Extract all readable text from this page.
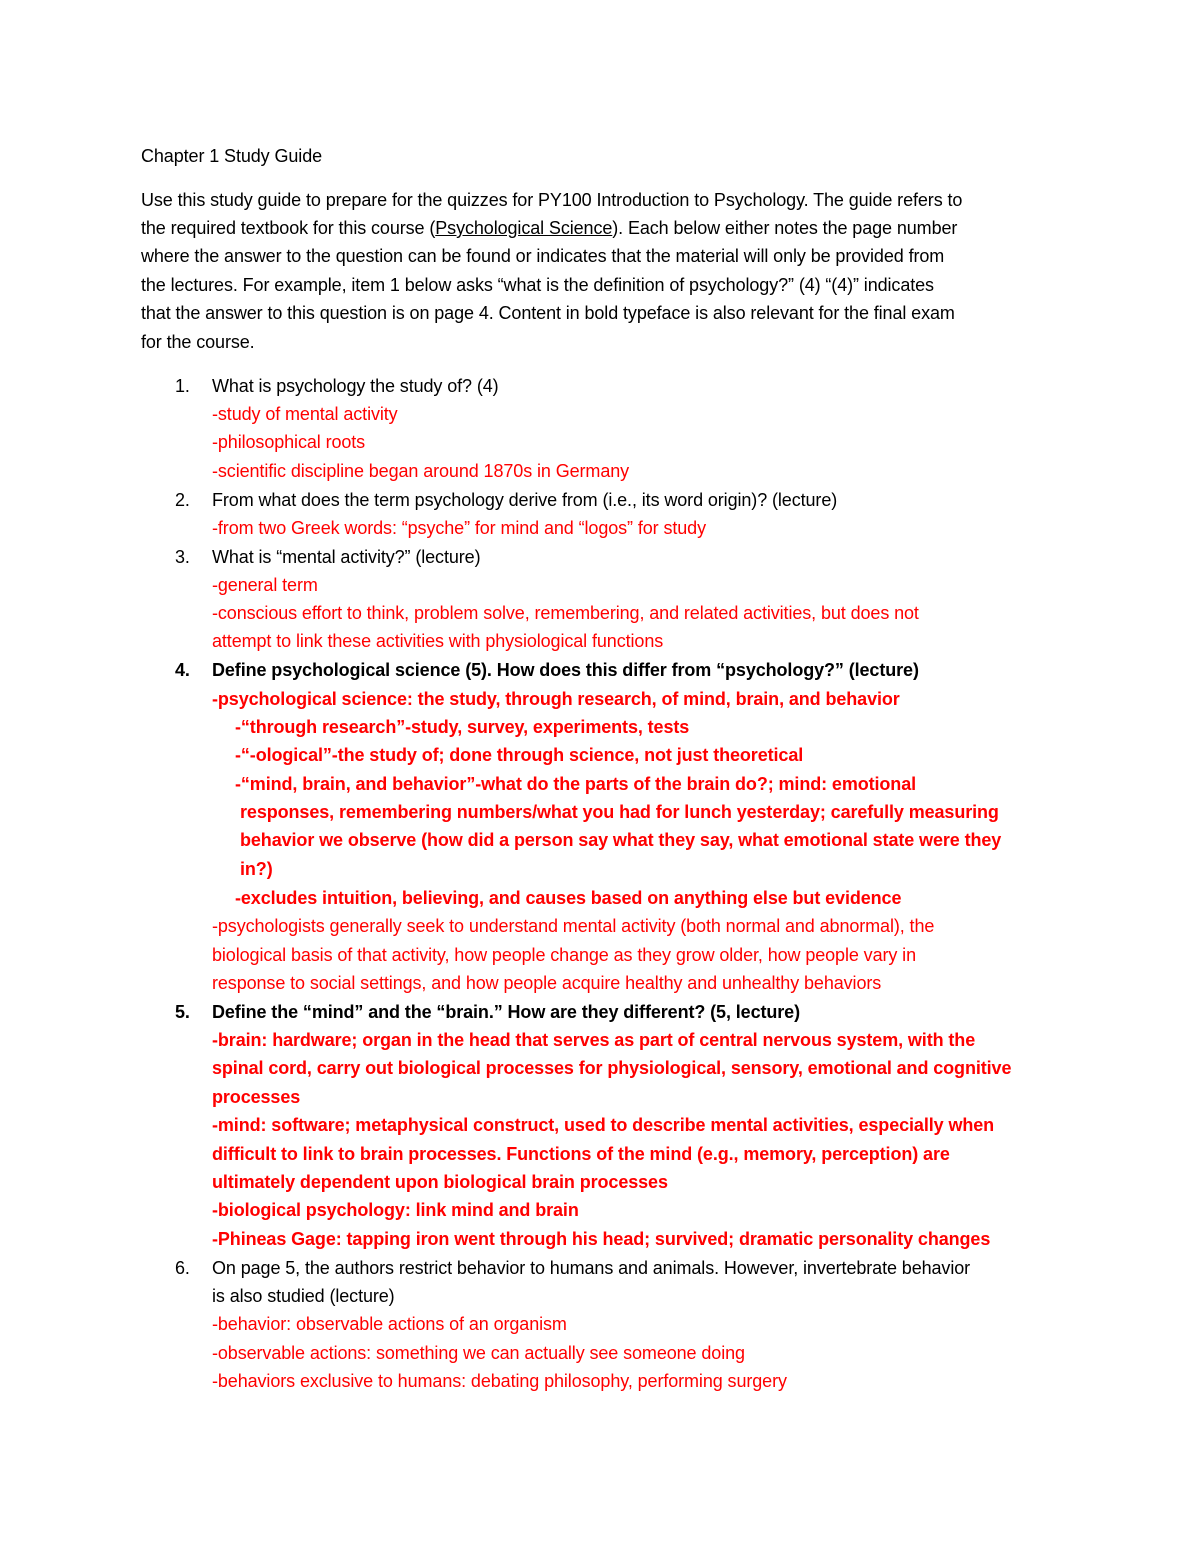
Chapter 1 Study Guide
Use this study guide to prepare for the quizzes for PY100 Introduction to Psychology. The guide refers to
the required textbook for this course (Psychological Science). Each below either notes the page number
where the answer to the question can be found or indicates that the material will only be provided from
the lectures. For example, item 1 below asks “what is the definition of psychology?” (4) “(4)” indicates
that the answer to this question is on page 4. Content in bold typeface is also relevant for the final exam
for the course.
1.	What is psychology the study of? (4)
-study of mental activity
-philosophical roots
-scientific discipline began around 1870s in Germany
2.	From what does the term psychology derive from (i.e., its word origin)? (lecture)
-from two Greek words: “psyche” for mind and “logos” for study
3.	What is “mental activity?” (lecture)
-general term
-conscious effort to think, problem solve, remembering, and related activities, but does not
attempt to link these activities with physiological functions
4.	Define psychological science (5). How does this differ from “psychology?” (lecture)
-psychological science: the study, through research, of mind, brain, and behavior
-“through research”-study, survey, experiments, tests
-“-ological”-the study of; done through science, not just theoretical
-“mind, brain, and behavior”-what do the parts of the brain do?; mind: emotional
responses, remembering numbers/what you had for lunch yesterday; carefully measuring
behavior we observe (how did a person say what they say, what emotional state were they
in?)
-excludes intuition, believing, and causes based on anything else but evidence
-psychologists generally seek to understand mental activity (both normal and abnormal), the
biological basis of that activity, how people change as they grow older, how people vary in
response to social settings, and how people acquire healthy and unhealthy behaviors
5.	Define the “mind” and the “brain.” How are they different? (5, lecture)
-brain: hardware; organ in the head that serves as part of central nervous system, with the
spinal cord, carry out biological processes for physiological, sensory, emotional and cognitive
processes
-mind: software; metaphysical construct, used to describe mental activities, especially when
difficult to link to brain processes. Functions of the mind (e.g., memory, perception) are
ultimately dependent upon biological brain processes
-biological psychology: link mind and brain
-Phineas Gage: tapping iron went through his head; survived; dramatic personality changes
6.	On page 5, the authors restrict behavior to humans and animals. However, invertebrate behavior
is also studied (lecture)
-behavior: observable actions of an organism
-observable actions: something we can actually see someone doing
-behaviors exclusive to humans: debating philosophy, performing surgery
